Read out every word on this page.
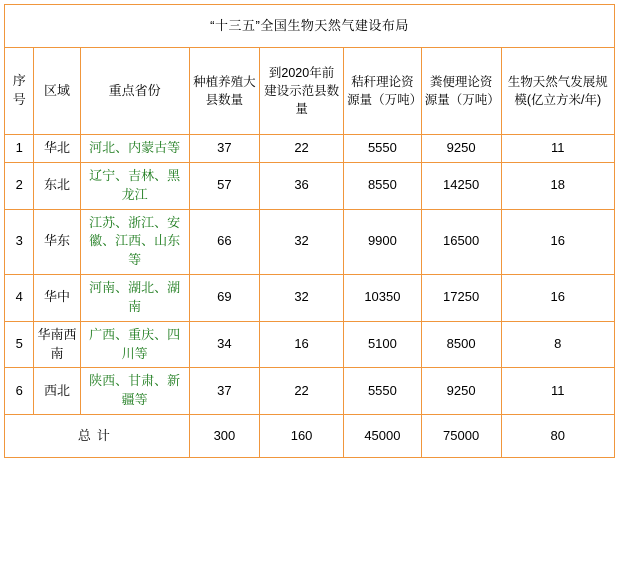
“十三五”全国生物天然气建设布局							
序号	区域	重点省份	种植养殖大县数量	到2020年前建设示范县数量	秸秆理论资源量（万吨）	粪便理论资源量（万吨）	生物天然气发展规模(亿立方米/年)
1	华北	河北、内蒙古等	37	22	5550	9250	11
2	东北	辽宁、吉林、黑龙江	57	36	8550	14250	18
3	华东	江苏、浙江、安徽、江西、山东等	66	32	9900	16500	16
4	华中	河南、湖北、湖南	69	32	10350	17250	16
5	华南西南	广西、重庆、四川等	34	16	5100	8500	8
6	西北	陕西、甘肃、新疆等	37	22	5550	9250	11
总计			300	160	45000	75000	80
